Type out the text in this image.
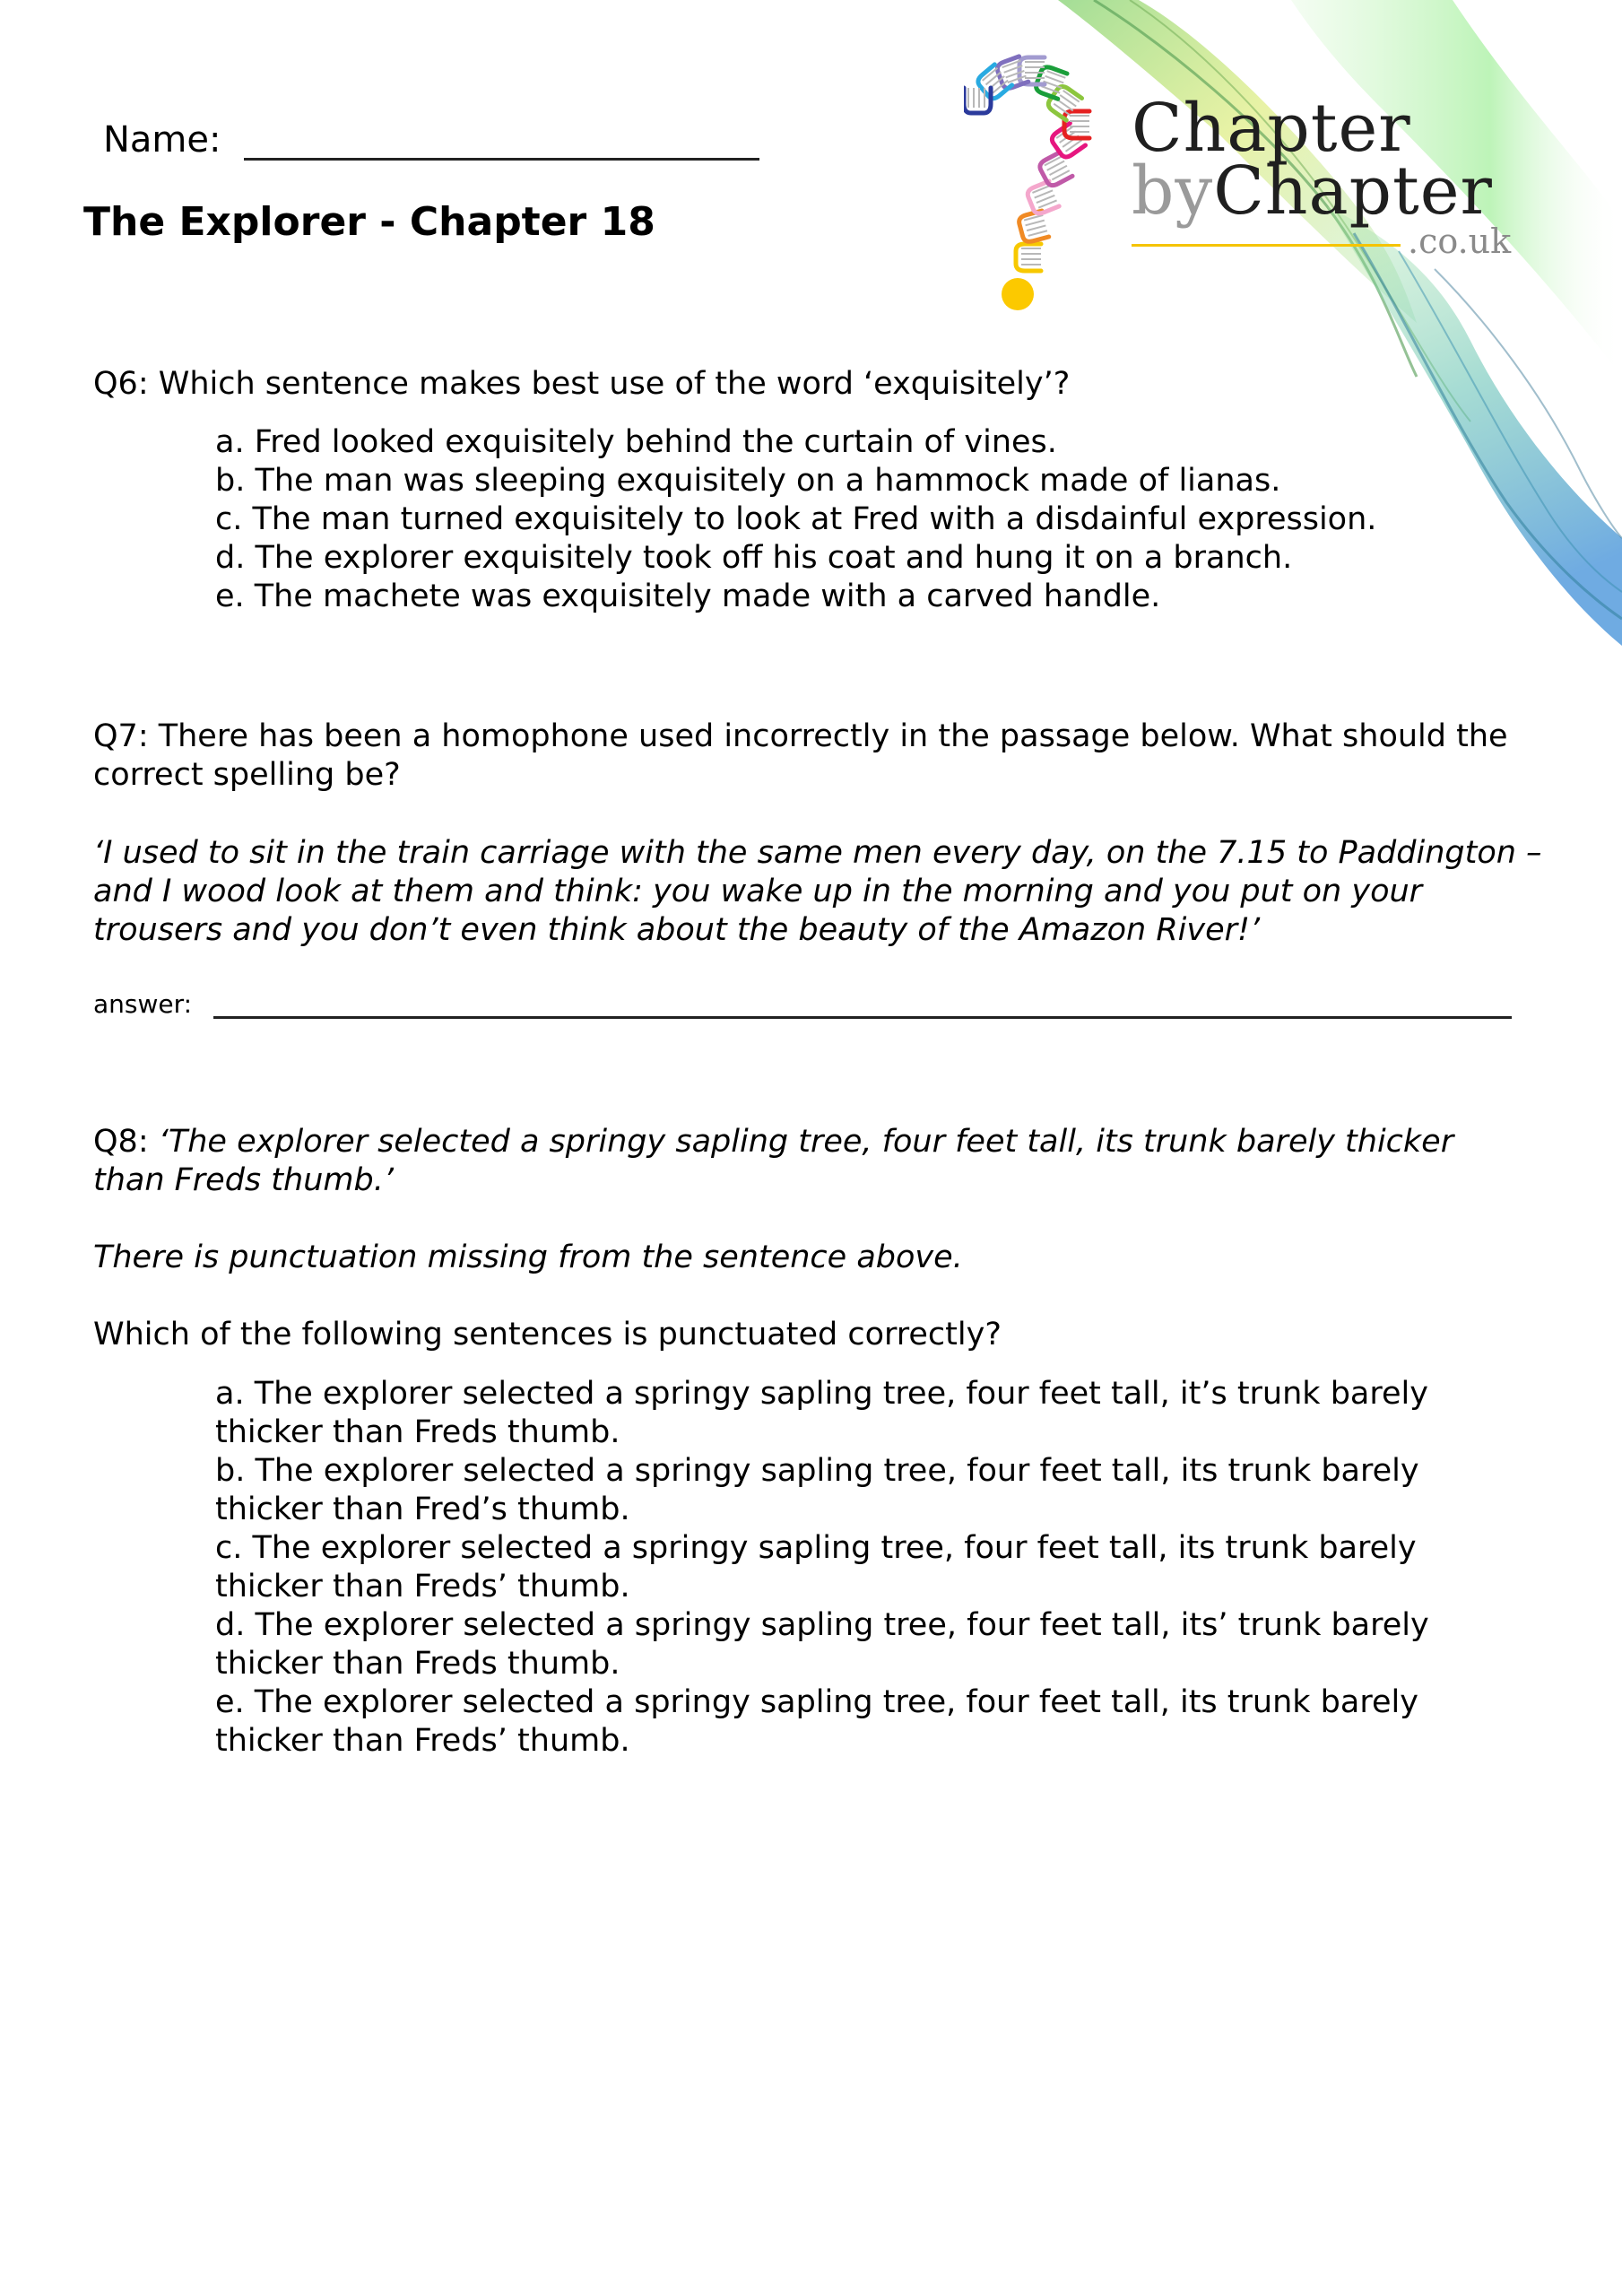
Name:
The Explorer - Chapter 18
Chapter
byChapter
.co.uk
Q6: Which sentence makes best use of the word ‘exquisitely’?
a. Fred looked exquisitely behind the curtain of vines.
b. The man was sleeping exquisitely on a hammock made of lianas.
c. The man turned exquisitely to look at Fred with a disdainful expression.
d. The explorer exquisitely took off his coat and hung it on a branch.
e. The machete was exquisitely made with a carved handle.
Q7: There has been a homophone used incorrectly in the passage below. What should the correct spelling be?
‘I used to sit in the train carriage with the same men every day, on the 7.15 to Paddington – and I wood look at them and think: you wake up in the morning and you put on your trousers and you don’t even think about the beauty of the Amazon River!’
answer:
Q8: ‘The explorer selected a springy sapling tree, four feet tall, its trunk barely thicker than Freds thumb.’
There is punctuation missing from the sentence above.
Which of the following sentences is punctuated correctly?
a. The explorer selected a springy sapling tree, four feet tall, it’s trunk barely
thicker than Freds thumb.
b. The explorer selected a springy sapling tree, four feet tall, its trunk barely
thicker than Fred’s thumb.
c. The explorer selected a springy sapling tree, four feet tall, its trunk barely
thicker than Freds’ thumb.
d. The explorer selected a springy sapling tree, four feet tall, its’ trunk barely
thicker than Freds thumb.
e. The explorer selected a springy sapling tree, four feet tall, its trunk barely
thicker than Freds’ thumb.
